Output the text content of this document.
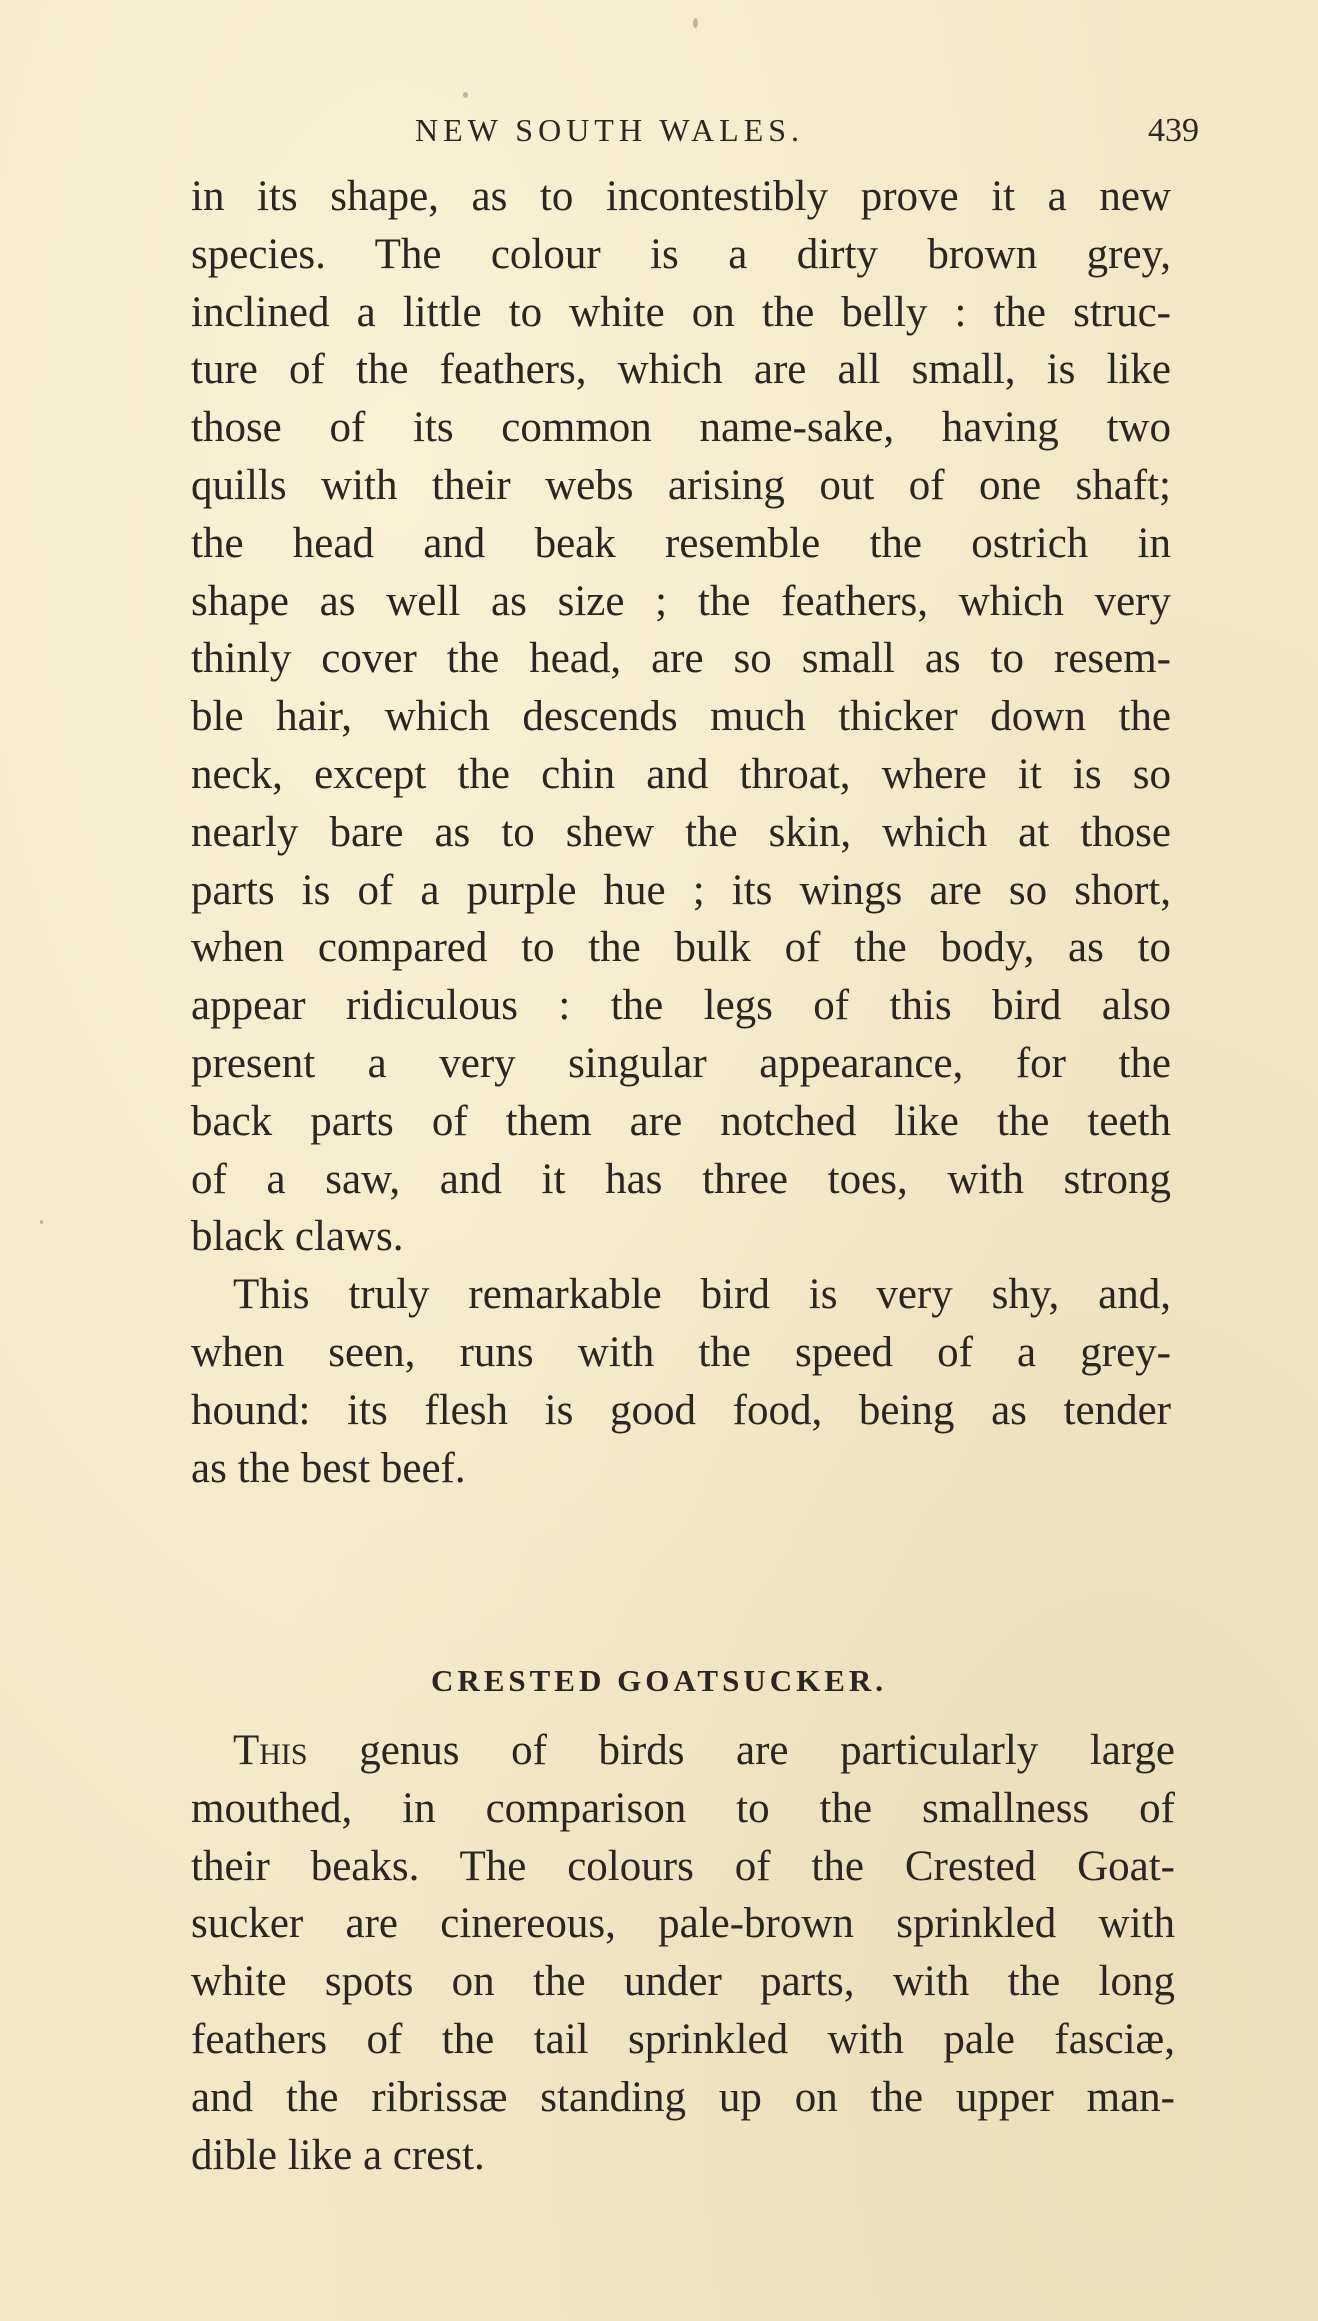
NEW SOUTH WALES.	439
in its shape, as to incontestibly prove it a new
species. The colour is a dirty brown grey,
inclined a little to white on the belly : the struc-
ture of the feathers, which are all small, is like
those of its common name-sake, having two
quills with their webs arising out of one shaft;
the head and beak resemble the ostrich in
shape as well as size ; the feathers, which very
thinly cover the head, are so small as to resem-
ble hair, which descends much thicker down the
neck, except the chin and throat, where it is so
nearly bare as to shew the skin, which at those
parts is of a purple hue ; its wings are so short,
when compared to the bulk of the body, as to
appear ridiculous : the legs of this bird also
present a very singular appearance, for the
back parts of them are notched like the teeth
of a saw, and it has three toes, with strong
black claws.
This truly remarkable bird is very shy, and,
when seen, runs with the speed of a grey-
hound: its flesh is good food, being as tender
as the best beef.
CRESTED GOATSUCKER.
This genus of birds are particularly large
mouthed, in comparison to the smallness of
their beaks. The colours of the Crested Goat-
sucker are cinereous, pale-brown sprinkled with
white spots on the under parts, with the long
feathers of the tail sprinkled with pale fasciæ,
and the ribrissæ standing up on the upper man-
dible like a crest.
